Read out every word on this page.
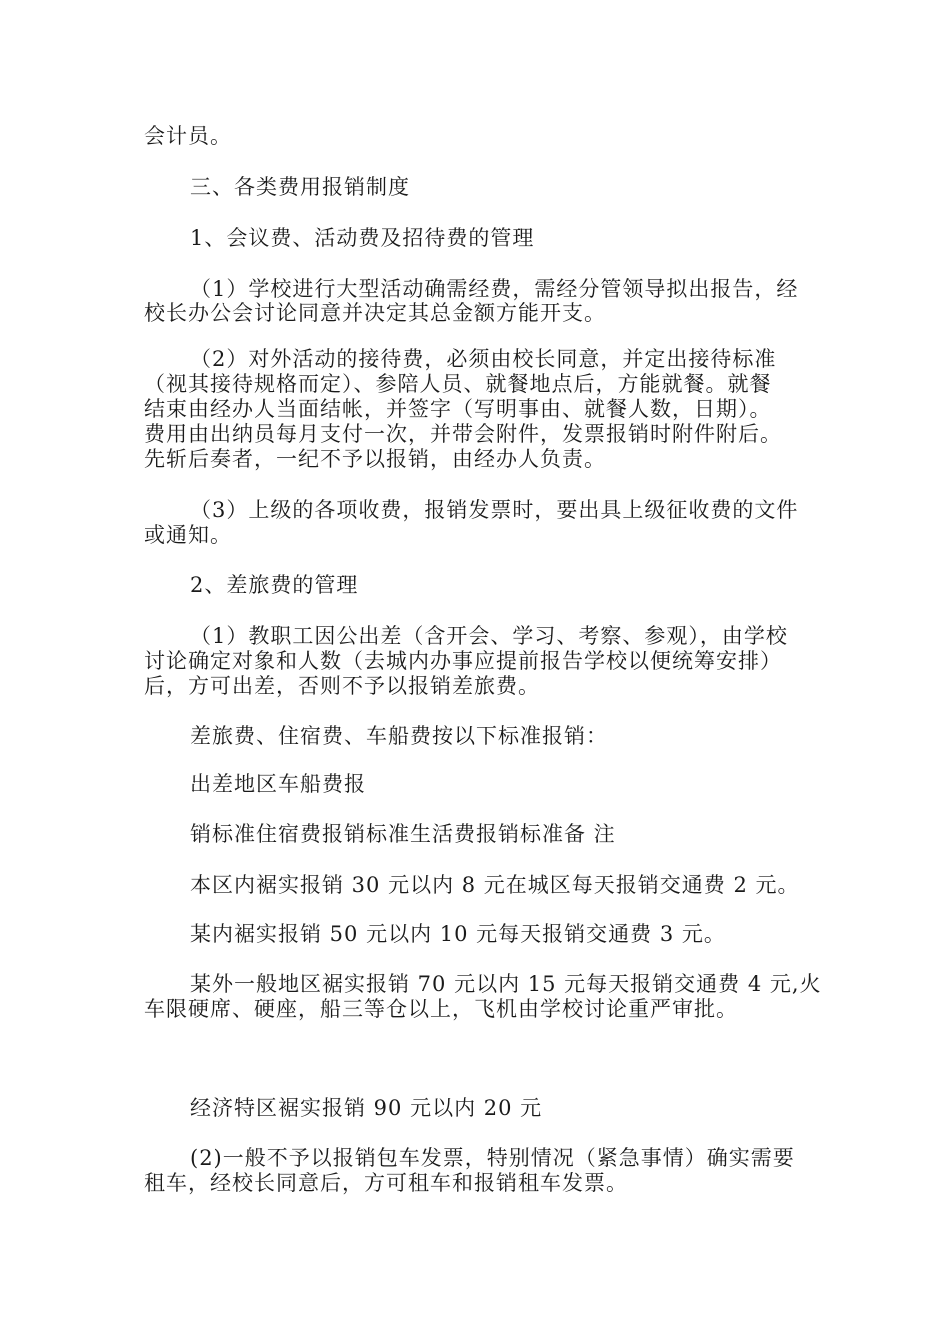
会计员。
三、各类费用报销制度
1、会议费、活动费及招待费的管理
（1）学校进行大型活动确需经费，需经分管领导拟出报告，经
校长办公会讨论同意并决定其总金额方能开支。
（2）对外活动的接待费，必须由校长同意，并定出接待标准
（视其接待规格而定）、参陪人员、就餐地点后，方能就餐。就餐
结束由经办人当面结帐，并签字（写明事由、就餐人数，日期）。
费用由出纳员每月支付一次，并带会附件，发票报销时附件附后。
先斩后奏者，一纪不予以报销，由经办人负责。
（3）上级的各项收费，报销发票时，要出具上级征收费的文件
或通知。
2、差旅费的管理
（1）教职工因公出差（含开会、学习、考察、参观），由学校
讨论确定对象和人数（去城内办事应提前报告学校以便统筹安排）
后，方可出差，否则不予以报销差旅费。
差旅费、住宿费、车船费按以下标准报销：
出差地区车船费报
销标准住宿费报销标准生活费报销标准备 注
本区内裾实报销 30 元以内 8 元在城区每天报销交通费 2 元。
某内裾实报销 50 元以内 10 元每天报销交通费 3 元。
某外一般地区裾实报销 70 元以内 15 元每天报销交通费 4 元,火
车限硬席、硬座，船三等仓以上，飞机由学校讨论重严审批。
经济特区裾实报销 90 元以内 20 元
(2)一般不予以报销包车发票，特别情况（紧急事情）确实需要
租车，经校长同意后，方可租车和报销租车发票。
